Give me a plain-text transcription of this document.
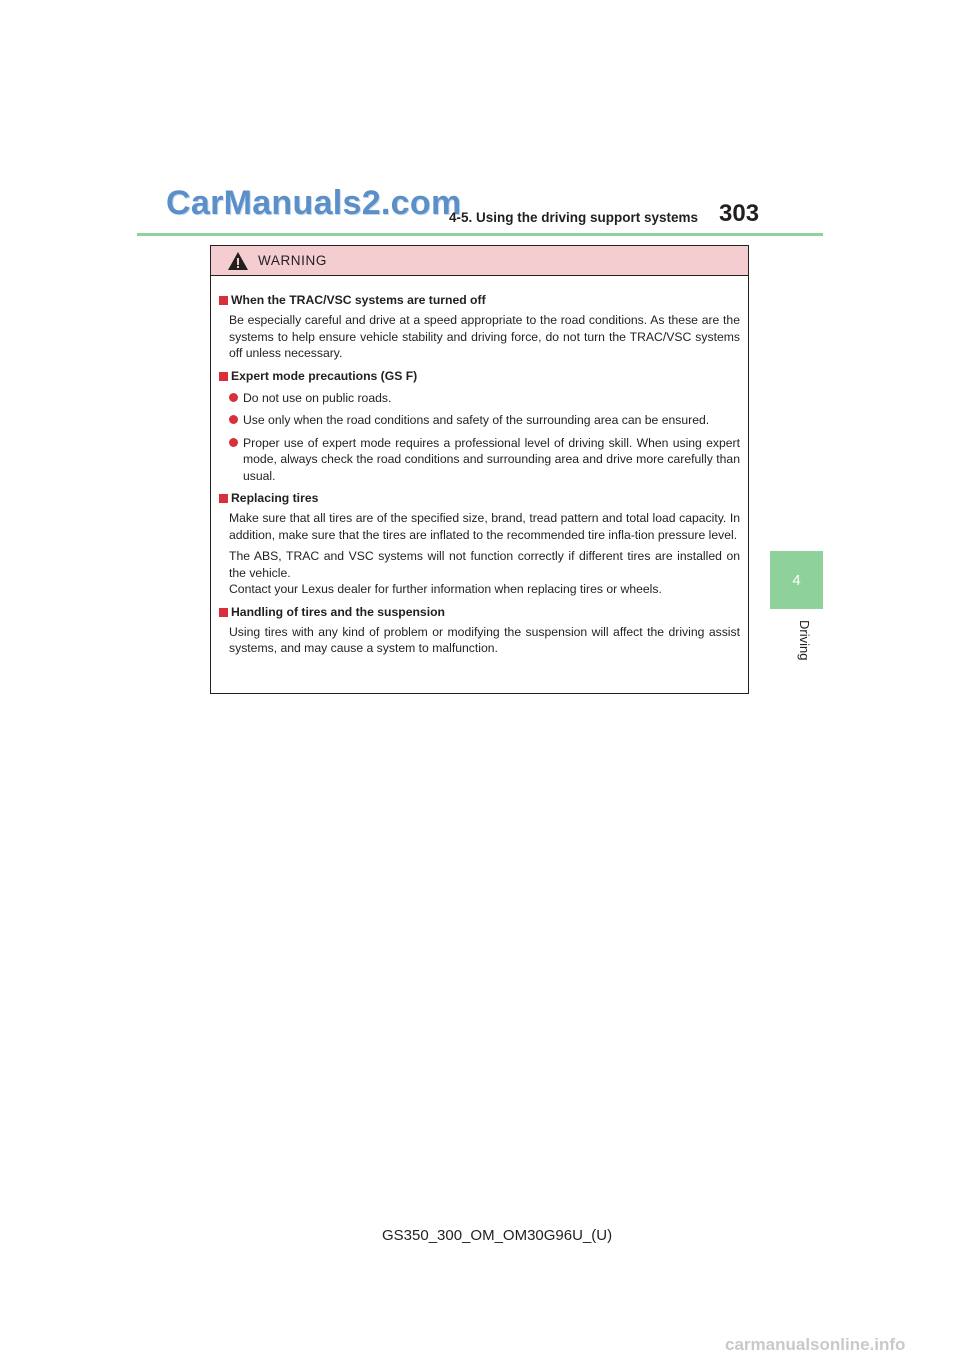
CarManuals2.com
4-5. Using the driving support systems 303
4
Driving
WARNING
When the TRAC/VSC systems are turned off
Be especially careful and drive at a speed appropriate to the road conditions. As these are the systems to help ensure vehicle stability and driving force, do not turn the TRAC/VSC systems off unless necessary.
Expert mode precautions (GS F)
Do not use on public roads.
Use only when the road conditions and safety of the surrounding area can be ensured.
Proper use of expert mode requires a professional level of driving skill. When using expert mode, always check the road conditions and surrounding area and drive more carefully than usual.
Replacing tires
Make sure that all tires are of the specified size, brand, tread pattern and total load capacity. In addition, make sure that the tires are inflated to the recommended tire infla-tion pressure level.
The ABS, TRAC and VSC systems will not function correctly if different tires are installed on the vehicle.
Contact your Lexus dealer for further information when replacing tires or wheels.
Handling of tires and the suspension
Using tires with any kind of problem or modifying the suspension will affect the driving assist systems, and may cause a system to malfunction.
GS350_300_OM_OM30G96U_(U)
carmanualsonline.info
